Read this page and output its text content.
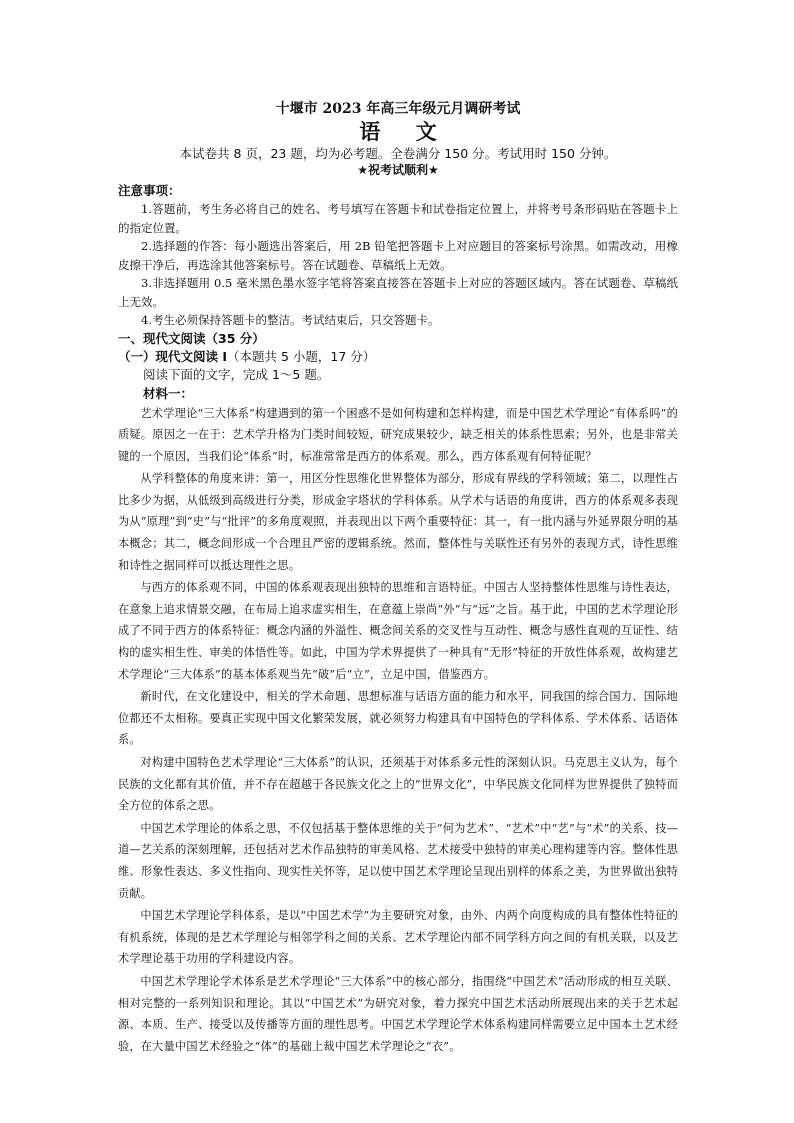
十堰市 2023 年高三年级元月调研考试
语 文
本试卷共 8 页，23 题，均为必考题。全卷满分 150 分。考试用时 150 分钟。
★祝考试顺利★
注意事项：

1.答题前，考生务必将自己的姓名、考号填写在答题卡和试卷指定位置上，并将考号条形码贴在答题卡上的指定位置。

2.选择题的作答：每小题选出答案后，用 2B 铅笔把答题卡上对应题目的答案标号涂黑。如需改动，用橡皮擦干净后，再选涂其他答案标号。答在试题卷、草稿纸上无效。

3.非选择题用 0.5 毫米黑色墨水签字笔将答案直接答在答题卡上对应的答题区域内。答在试题卷、草稿纸上无效。

4.考生必须保持答题卡的整洁。考试结束后，只交答题卡。

一、现代文阅读（35 分）
（一）现代文阅读 I（本题共 5 小题，17 分）
阅读下面的文字，完成 1～5 题。
材料一：

艺术学理论“三大体系”构建遇到的第一个困惑不是如何构建和怎样构建，而是中国艺术学理论“有体系吗”的质疑。原因之一在于：艺术学升格为门类时间较短，研究成果较少，缺乏相关的体系性思索；另外，也是非常关键的一个原因，当我们论“体系”时，标准常常是西方的体系观。那么，西方体系观有何特征呢？

从学科整体的角度来讲：第一，用区分性思维化世界整体为部分，形成有界线的学科领域；第二，以理性占比多少为据，从低级到高级进行分类，形成金字塔状的学科体系。从学术与话语的角度讲，西方的体系观多表现为从“原理”到“史”与“批评”的多角度观照，并表现出以下两个重要特征：其一，有一批内涵与外延界限分明的基本概念；其二，概念间形成一个合理且严密的逻辑系统。然而，整体性与关联性还有另外的表现方式，诗性思维和诗性之据同样可以抵达理性之思。

与西方的体系观不同，中国的体系观表现出独特的思维和言语特征。中国古人坚持整体性思维与诗性表达，在意象上追求情景交融，在布局上追求虚实相生，在意蕴上崇尚“外”与“远”之旨。基于此，中国的艺术学理论形成了不同于西方的体系特征：概念内涵的外溢性、概念间关系的交叉性与互动性、概念与感性直观的互证性、结构的虚实相生性、审美的体悟性等。如此，中国为学术界提供了一种具有“无形”特征的开放性体系观，故构建艺术学理论“三大体系”的基本体系观当先“破”后“立”，立足中国，借鉴西方。

新时代，在文化建设中，相关的学术命题、思想标准与话语方面的能力和水平，同我国的综合国力、国际地位都还不太相称。要真正实现中国文化繁荣发展，就必须努力构建具有中国特色的学科体系、学术体系、话语体系。

对构建中国特色艺术学理论“三大体系”的认识，还须基于对体系多元性的深刻认识。马克思主义认为，每个民族的文化都有其价值，并不存在超越于各民族文化之上的“世界文化”，中华民族文化同样为世界提供了独特而全方位的体系之思。

中国艺术学理论的体系之思，不仅包括基于整体思维的关于“何为艺术”、“艺术”中“艺”与“术”的关系、技—道—艺关系的深刻理解，还包括对艺术作品独特的审美风格、艺术接受中独特的审美心理构建等内容。整体性思维、形象性表达、多义性指向、现实性关怀等，足以使中国艺术学理论呈现出别样的体系之美，为世界做出独特贡献。

中国艺术学理论学科体系，是以“中国艺术学”为主要研究对象，由外、内两个向度构成的具有整体性特征的有机系统，体现的是艺术学理论与相邻学科之间的关系、艺术学理论内部不同学科方向之间的有机关联，以及艺术学理论基于功用的学科建设内容。

中国艺术学理论学术体系是艺术学理论“三大体系”中的核心部分，指围绕“中国艺术”活动形成的相互关联、相对完整的一系列知识和理论。其以“中国艺术”为研究对象，着力探究中国艺术活动所展现出来的关于艺术起源、本质、生产、接受以及传播等方面的理性思考。中国艺术学理论学术体系构建同样需要立足中国本土艺术经验，在大量中国艺术经验之“体”的基础上裁中国艺术学理论之“衣”。
